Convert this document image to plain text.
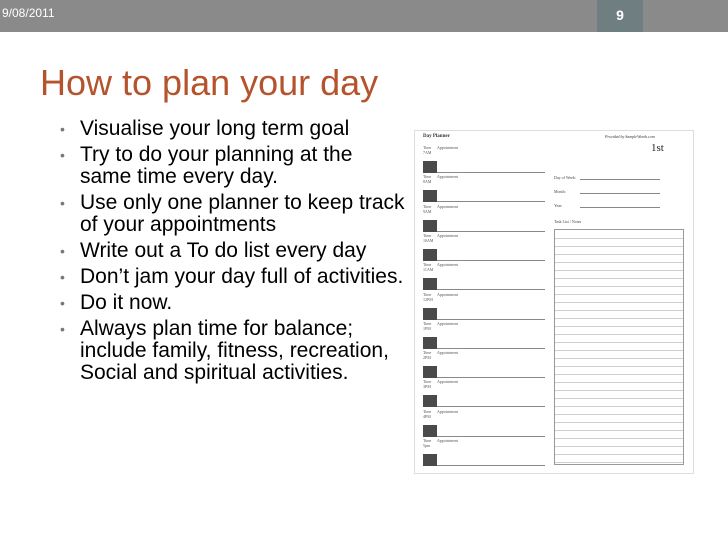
9/08/2011	9
How to plan your day
• Visualise your long term goal
• Try to do your planning at the same time every day.
• Use only one planner to keep track of your appointments
• Write out a To do list every day
• Don’t jam your day full of activities.
• Do it now.
• Always plan time for balance; include family, fitness, recreation, Social and spiritual activities.
Day Planner	Provided by SampleWords.com
1st
Time
7AM
Appointment
Time
8AM
Appointment
Time
9AM
Appointment
Time
10AM
Appointment
Time
11AM
Appointment
Time
12PM
Appointment
Time
1PM
Appointment
Time
2PM
Appointment
Time
3PM
Appointment
Time
4PM
Appointment
Time
5pm
Appointment
Day of Week:
Month:
Year:
Task List / Notes
